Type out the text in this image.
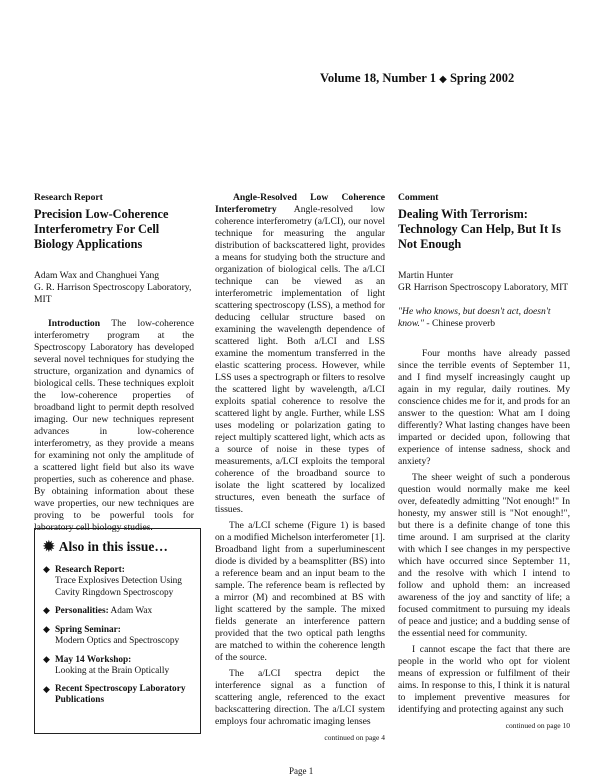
Volume 18, Number 1 ◆ Spring 2002
Research Report
Precision Low-Coherence Interferometry For Cell Biology Applications
Adam Wax and Changhuei Yang
G. R. Harrison Spectroscopy Laboratory, MIT

Introduction The low-coherence interferometry program at the Spectroscopy Laboratory has developed several novel techniques for studying the structure, organization and dynamics of biological cells. These techniques exploit the low-coherence properties of broadband light to permit depth resolved imaging. Our new techniques represent advances in low-coherence interferometry, as they provide a means for examining not only the amplitude of a scattered light field but also its wave properties, such as coherence and phase. By obtaining information about these wave properties, our new techniques are proving to be powerful tools for laboratory cell biology studies.

✹ Also in this issue…
◆ Research Report:
Trace Explosives Detection Using Cavity Ringdown Spectroscopy
◆ Personalities: Adam Wax
◆ Spring Seminar:
Modern Optics and Spectroscopy
◆ May 14 Workshop:
Looking at the Brain Optically
◆ Recent Spectroscopy Laboratory Publications

Angle-Resolved Low Coherence Interferometry Angle-resolved low coherence interferometry (a/LCI), our novel technique for measuring the angular distribution of backscattered light, provides a means for studying both the structure and organization of biological cells. The a/LCI technique can be viewed as an interferometric implementation of light scattering spectroscopy (LSS), a method for deducing cellular structure based on examining the wavelength dependence of scattered light. Both a/LCI and LSS examine the momentum transferred in the elastic scattering process. However, while LSS uses a spectrograph or filters to resolve the scattered light by wavelength, a/LCI exploits spatial coherence to resolve the scattered light by angle. Further, while LSS uses modeling or polarization gating to reject multiply scattered light, which acts as a source of noise in these types of measurements, a/LCI exploits the temporal coherence of the broadband source to isolate the light scattered by localized structures, even beneath the surface of tissues.

The a/LCI scheme (Figure 1) is based on a modified Michelson interferometer [1]. Broadband light from a superluminescent diode is divided by a beamsplitter (BS) into a reference beam and an input beam to the sample. The reference beam is reflected by a mirror (M) and recombined at BS with light scattered by the sample. The mixed fields generate an interference pattern provided that the two optical path lengths are matched to within the coherence length of the source.

The a/LCI spectra depict the interference signal as a function of scattering angle, referenced to the exact backscattering direction. The a/LCI system employs four achromatic imaging lenses

continued on page 4
Comment
Dealing With Terrorism: Technology Can Help, But It Is Not Enough
Martin Hunter
GR Harrison Spectroscopy Laboratory, MIT
"He who knows, but doesn't act, doesn't know." - Chinese proverb

Four months have already passed since the terrible events of September 11, and I find myself increasingly caught up again in my regular, daily routines. My conscience chides me for it, and prods for an answer to the question: What am I doing differently? What lasting changes have been imparted or decided upon, following that experience of intense sadness, shock and anxiety?

The sheer weight of such a ponderous question would normally make me keel over, defeatedly admitting "Not enough!" In honesty, my answer still is "Not enough!", but there is a definite change of tone this time around. I am surprised at the clarity with which I see changes in my perspective which have occurred since September 11, and the resolve with which I intend to follow and uphold them: an increased awareness of the joy and sanctity of life; a focused commitment to pursuing my ideals of peace and justice; and a budding sense of the essential need for community.

I cannot escape the fact that there are people in the world who opt for violent means of expression or fulfilment of their aims. In response to this, I think it is natural to implement preventive measures for identifying and protecting against any such

continued on page 10
Page 1
